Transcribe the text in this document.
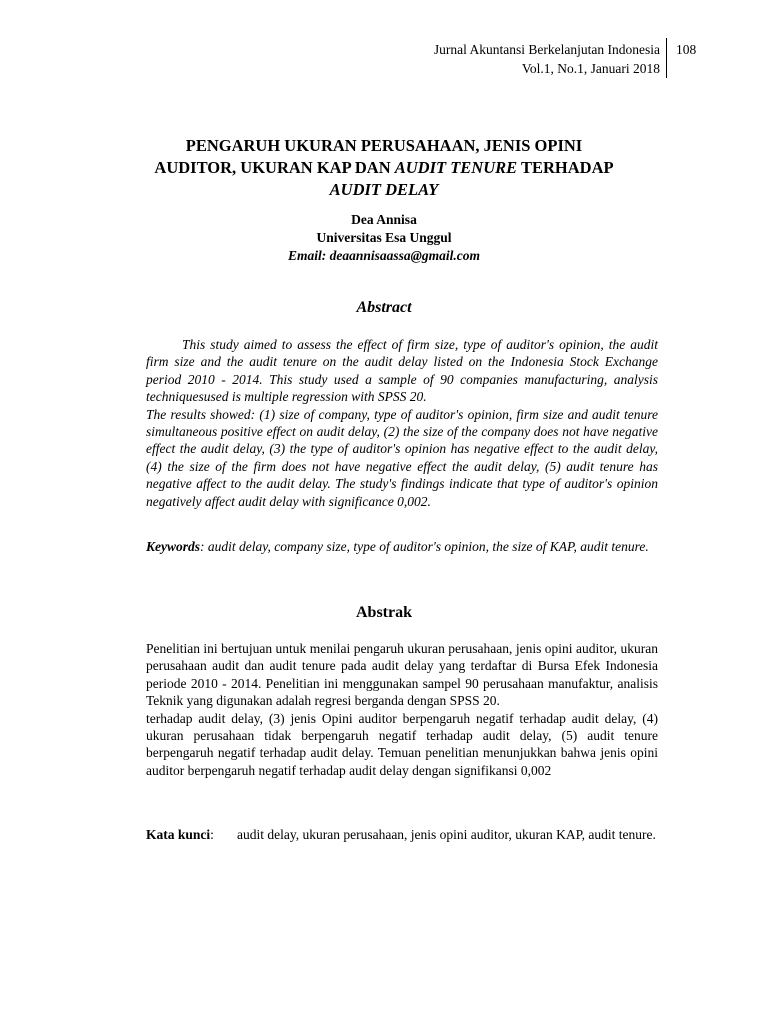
Jurnal Akuntansi Berkelanjutan Indonesia
Vol.1, No.1, Januari 2018
108
PENGARUH UKURAN PERUSAHAAN, JENIS OPINI
AUDITOR, UKURAN KAP DAN AUDIT TENURE TERHADAP
AUDIT DELAY
Dea Annisa
Universitas Esa Unggul
Email: deaannisaassa@gmail.com
Abstract

This study aimed to assess the effect of firm size, type of auditor's opinion, the audit firm size and the audit tenure on the audit delay listed on the Indonesia Stock Exchange period 2010 - 2014. This study used a sample of 90 companies manufacturing, analysis techniquesused is multiple regression with SPSS 20.

The results showed: (1) size of company, type of auditor's opinion, firm size and audit tenure simultaneous positive effect on audit delay, (2) the size of the company does not have negative effect the audit delay, (3) the type of auditor's opinion has negative effect to the audit delay, (4) the size of the firm does not have negative effect the audit delay, (5) audit tenure has negative affect to the audit delay. The study's findings indicate that type of auditor's opinion negatively affect audit delay with significance 0,002.

Keywords: audit delay, company size, type of auditor's opinion, the size of KAP, audit tenure.
Abstrak

Penelitian ini bertujuan untuk menilai pengaruh ukuran perusahaan, jenis opini auditor, ukuran perusahaan audit dan audit tenure pada audit delay yang terdaftar di Bursa Efek Indonesia periode 2010 - 2014. Penelitian ini menggunakan sampel 90 perusahaan manufaktur, analisis Teknik yang digunakan adalah regresi berganda dengan SPSS 20.

terhadap audit delay, (3) jenis Opini auditor berpengaruh negatif terhadap audit delay, (4) ukuran perusahaan tidak berpengaruh negatif terhadap audit delay, (5) audit tenure berpengaruh negatif terhadap audit delay. Temuan penelitian menunjukkan bahwa jenis opini auditor berpengaruh negatif terhadap audit delay dengan signifikansi 0,002

Kata kunci:	audit delay, ukuran perusahaan, jenis opini auditor, ukuran KAP, audit tenure.
